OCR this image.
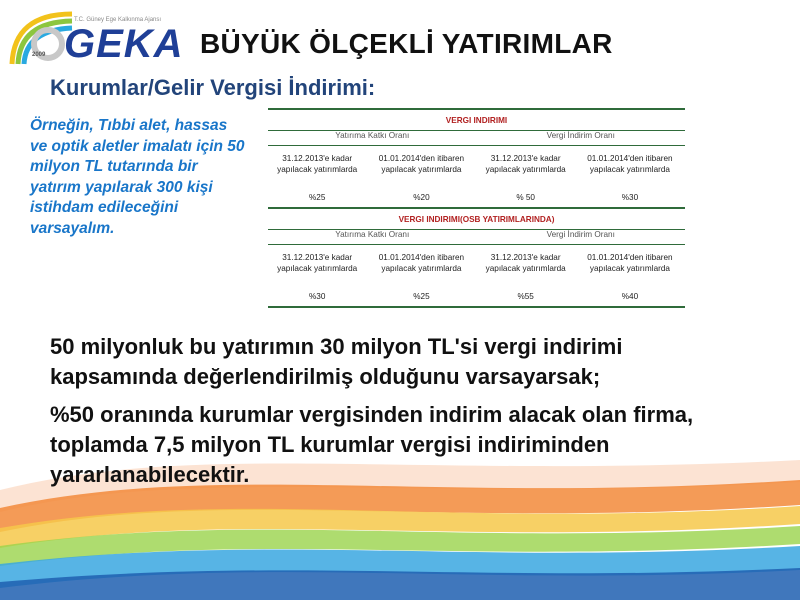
T.C. Güney Ege Kalkınma Ajansı
2009 GEKA BÜYÜK ÖLÇEKLİ YATIRIMLAR
Kurumlar/Gelir Vergisi İndirimi:
Örneğin, Tıbbi alet, hassas ve optik aletler imalatı için 50 milyon TL tutarında bir yatırım yapılarak 300 kişi istihdam edileceğini varsayalım.
VERGI INDIRIMI			
Yatırıma Katkı Oranı		Vergi İndirim Oranı	
31.12.2013'e kadar yapılacak yatırımlarda	01.01.2014'den itibaren yapılacak yatırımlarda	31.12.2013'e kadar yapılacak yatırımlarda	01.01.2014'den itibaren yapılacak yatırımlarda
%25	%20	% 50	%30
VERGI INDIRIMI(OSB YATIRIMLARINDA)			
Yatırıma Katkı Oranı		Vergi İndirim Oranı	
31.12.2013'e kadar yapılacak yatırımlarda	01.01.2014'den itibaren yapılacak yatırımlarda	31.12.2013'e kadar yapılacak yatırımlarda	01.01.2014'den itibaren yapılacak yatırımlarda
%30	%25	%55	%40

50 milyonluk bu yatırımın 30 milyon TL'si vergi indirimi kapsamında değerlendirilmiş olduğunu varsayarsak;

%50 oranında kurumlar vergisinden indirim alacak olan firma, toplamda 7,5 milyon TL kurumlar vergisi indiriminden yararlanabilecektir.
